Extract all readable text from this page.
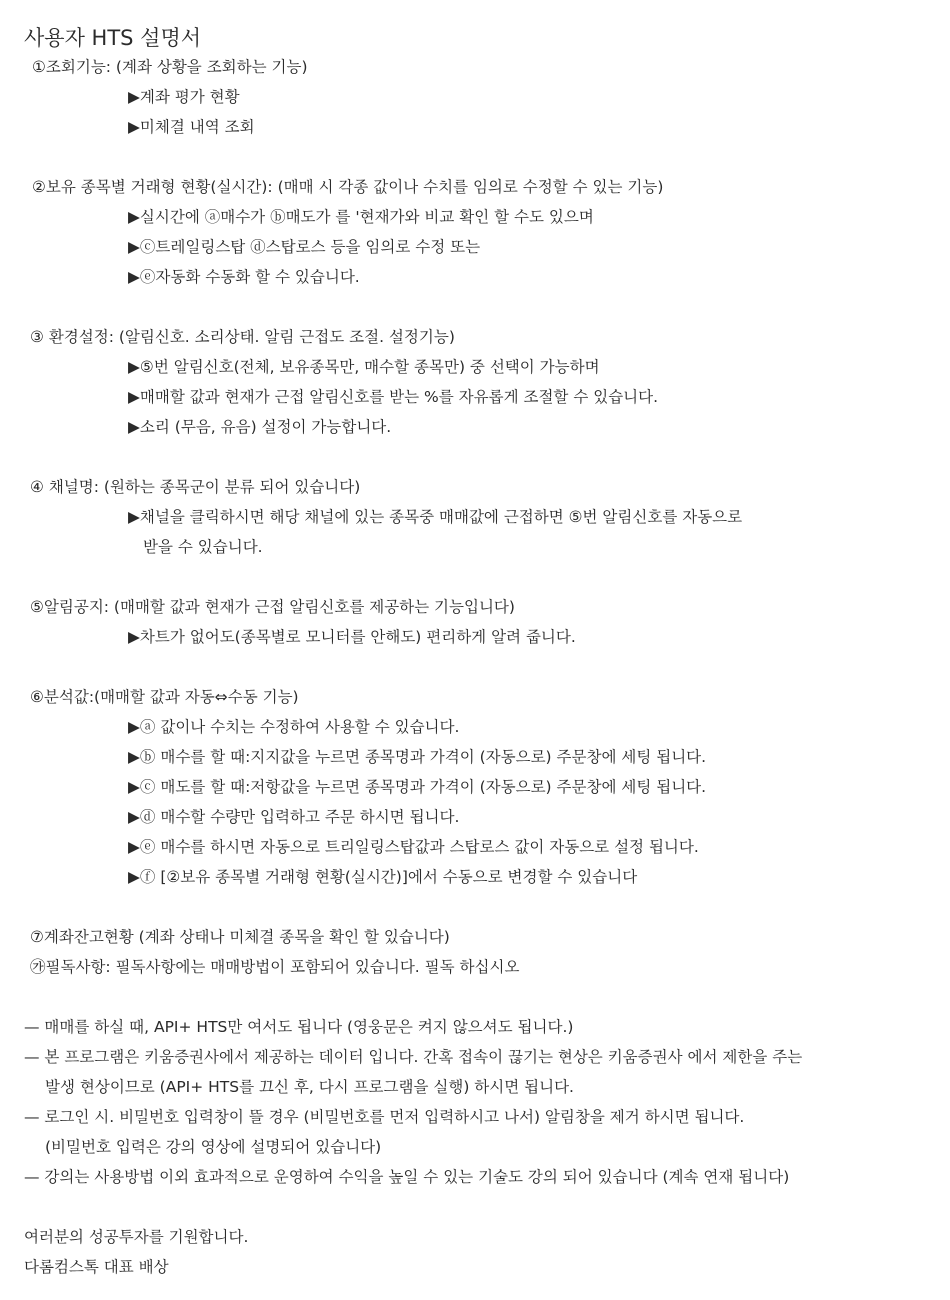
사용자 HTS 설명서
①조회기능: (계좌 상황을 조회하는 기능)
▶계좌 평가 현황
▶미체결 내역 조회
②보유 종목별 거래형 현황(실시간): (매매 시 각종 값이나 수치를 임의로 수정할 수 있는 기능)
▶실시간에 ⓐ매수가 ⓑ매도가 를 '현재가와 비교 확인 할 수도 있으며
▶ⓒ트레일링스탑 ⓓ스탑로스 등을 임의로 수정 또는
▶ⓔ자동화 수동화 할 수 있습니다.
③ 환경설정: (알림신호. 소리상태. 알림 근접도 조절. 설정기능)
▶⑤번 알림신호(전체, 보유종목만, 매수할 종목만) 중 선택이 가능하며
▶매매할 값과 현재가 근접 알림신호를 받는 %를 자유롭게 조절할 수 있습니다.
▶소리 (무음, 유음) 설정이 가능합니다.
④ 채널명: (원하는 종목군이 분류 되어 있습니다)
▶채널을 클릭하시면 해당 채널에 있는 종목중 매매값에 근접하면 ⑤번 알림신호를 자동으로
받을 수 있습니다.
⑤알림공지: (매매할 값과 현재가 근접 알림신호를 제공하는 기능입니다)
▶차트가 없어도(종목별로 모니터를 안해도) 편리하게 알려 줍니다.
⑥분석값:(매매할 값과 자동⇔수동 기능)
▶ⓐ 값이나 수치는 수정하여 사용할 수 있습니다.
▶ⓑ 매수를 할 때:지지값을 누르면 종목명과 가격이 (자동으로) 주문창에 세팅 됩니다.
▶ⓒ 매도를 할 때:저항값을 누르면 종목명과 가격이 (자동으로) 주문창에 세팅 됩니다.
▶ⓓ 매수할 수량만 입력하고 주문 하시면 됩니다.
▶ⓔ 매수를 하시면 자동으로 트리일링스탑값과 스탑로스 값이 자동으로 설정 됩니다.
▶ⓕ [②보유 종목별 거래형 현황(실시간)]에서 수동으로 변경할 수 있습니다
⑦계좌잔고현황 (계좌 상태나 미체결 종목을 확인 할 있습니다)
㉮필독사항: 필독사항에는 매매방법이 포함되어 있습니다. 필독 하십시오
— 매매를 하실 때, API+ HTS만 여서도 됩니다 (영웅문은 켜지 않으셔도 됩니다.)
— 본 프로그램은 키움증권사에서 제공하는 데이터 입니다. 간혹 접속이 끊기는 현상은 키움증권사 에서 제한을 주는
발생 현상이므로 (API+ HTS를 끄신 후, 다시 프로그램을 실행) 하시면 됩니다.
— 로그인 시. 비밀번호 입력창이 뜰 경우 (비밀번호를 먼저 입력하시고 나서) 알림창을 제거 하시면 됩니다.
(비밀번호 입력은 강의 영상에 설명되어 있습니다)
— 강의는 사용방법 이외 효과적으로 운영하여 수익을 높일 수 있는 기술도 강의 되어 있습니다 (계속 연재 됩니다)
여러분의 성공투자를 기원합니다.
다롬컴스톡 대표 배상
